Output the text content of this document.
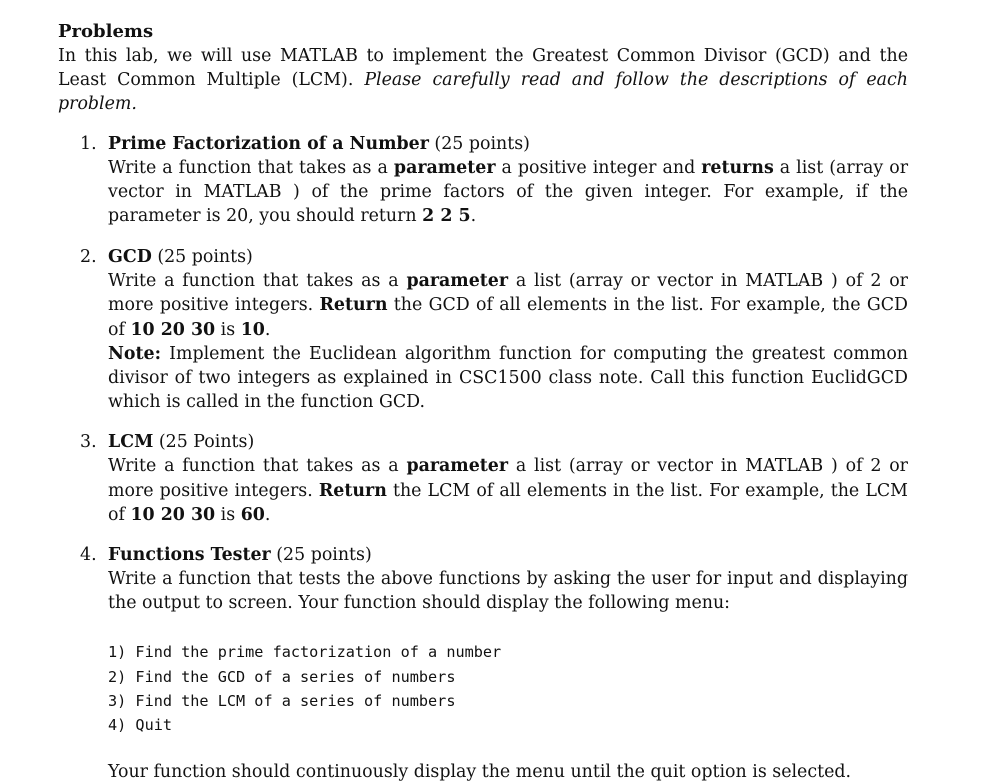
Problems

In this lab, we will use MATLAB to implement the Greatest Common Divisor (GCD) and the Least Common Multiple (LCM). Please carefully read and follow the descriptions of each problem.

1. Prime Factorization of a Number (25 points)
Write a function that takes as a parameter a positive integer and returns a list (array or vector in MATLAB ) of the prime factors of the given integer. For example, if the parameter is 20, you should return 2 2 5.
2. GCD (25 points)
Write a function that takes as a parameter a list (array or vector in MATLAB ) of 2 or more positive integers. Return the GCD of all elements in the list. For example, the GCD of 10 20 30 is 10.
Note: Implement the Euclidean algorithm function for computing the greatest common divisor of two integers as explained in CSC1500 class note. Call this function EuclidGCD which is called in the function GCD.
3. LCM (25 Points)
Write a function that takes as a parameter a list (array or vector in MATLAB ) of 2 or more positive integers. Return the LCM of all elements in the list. For example, the LCM of 10 20 30 is 60.
4. Functions Tester (25 points)
Write a function that tests the above functions by asking the user for input and displaying the output to screen. Your function should display the following menu:
1) Find the prime factorization of a number
2) Find the GCD of a series of numbers
3) Find the LCM of a series of numbers
4) Quit
Your function should continuously display the menu until the quit option is selected.
